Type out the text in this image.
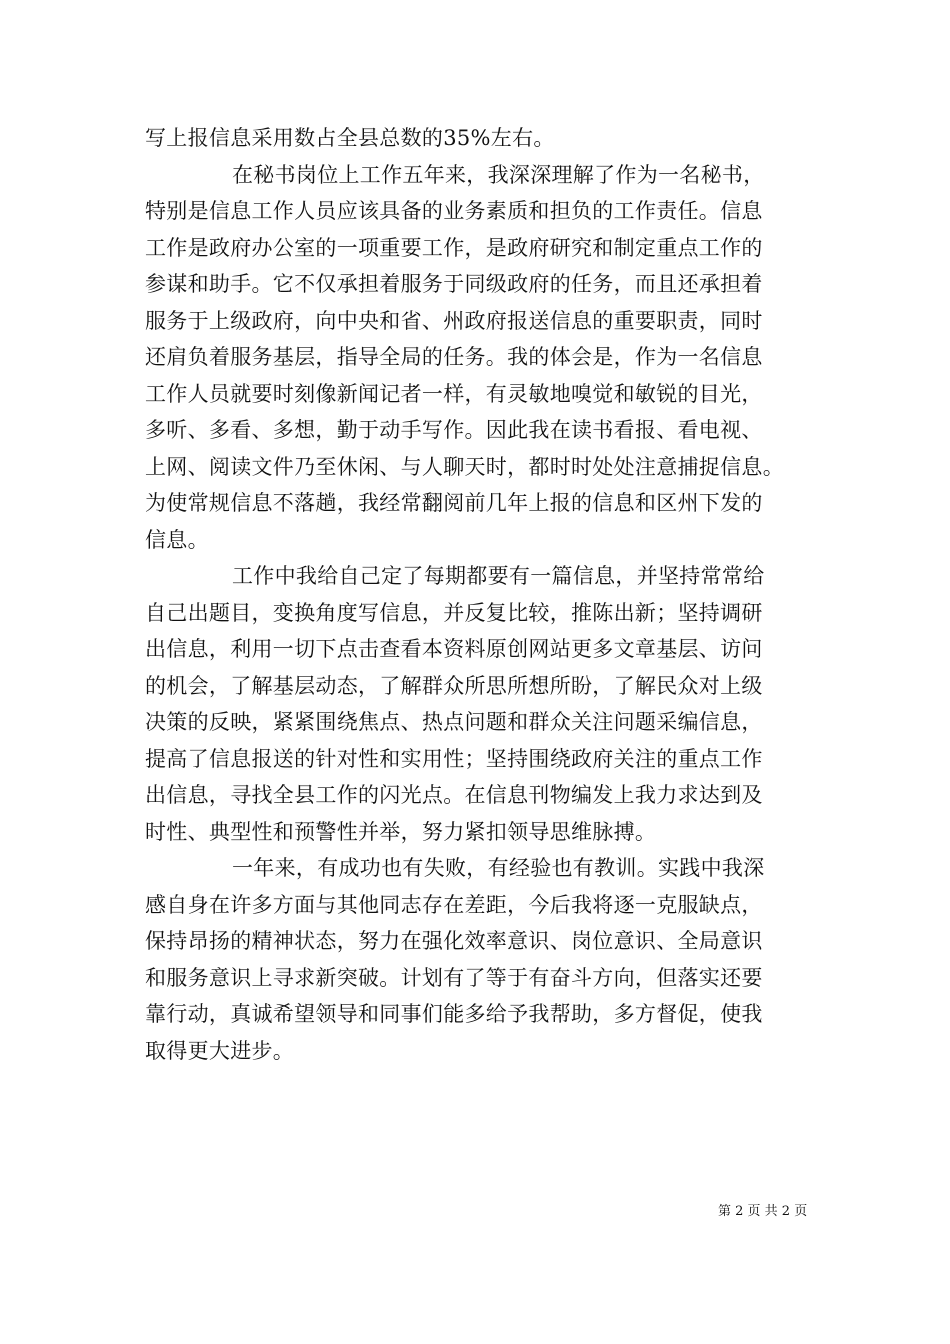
写上报信息采用数占全县总数的35%左右。
在秘书岗位上工作五年来，我深深理解了作为一名秘书，
特别是信息工作人员应该具备的业务素质和担负的工作责任。信息
工作是政府办公室的一项重要工作，是政府研究和制定重点工作的
参谋和助手。它不仅承担着服务于同级政府的任务，而且还承担着
服务于上级政府，向中央和省、州政府报送信息的重要职责，同时
还肩负着服务基层，指导全局的任务。我的体会是，作为一名信息
工作人员就要时刻像新闻记者一样，有灵敏地嗅觉和敏锐的目光，
多听、多看、多想，勤于动手写作。因此我在读书看报、看电视、
上网、阅读文件乃至休闲、与人聊天时，都时时处处注意捕捉信息。
为使常规信息不落趟，我经常翻阅前几年上报的信息和区州下发的
信息。
工作中我给自己定了每期都要有一篇信息，并坚持常常给
自己出题目，变换角度写信息，并反复比较，推陈出新；坚持调研
出信息，利用一切下点击查看本资料原创网站更多文章基层、访问
的机会，了解基层动态，了解群众所思所想所盼，了解民众对上级
决策的反映，紧紧围绕焦点、热点问题和群众关注问题采编信息，
提高了信息报送的针对性和实用性；坚持围绕政府关注的重点工作
出信息，寻找全县工作的闪光点。在信息刊物编发上我力求达到及
时性、典型性和预警性并举，努力紧扣领导思维脉搏。
一年来，有成功也有失败，有经验也有教训。实践中我深
感自身在许多方面与其他同志存在差距，今后我将逐一克服缺点，
保持昂扬的精神状态，努力在强化效率意识、岗位意识、全局意识
和服务意识上寻求新突破。计划有了等于有奋斗方向，但落实还要
靠行动，真诚希望领导和同事们能多给予我帮助，多方督促，使我
取得更大进步。
第 2 页 共 2 页
